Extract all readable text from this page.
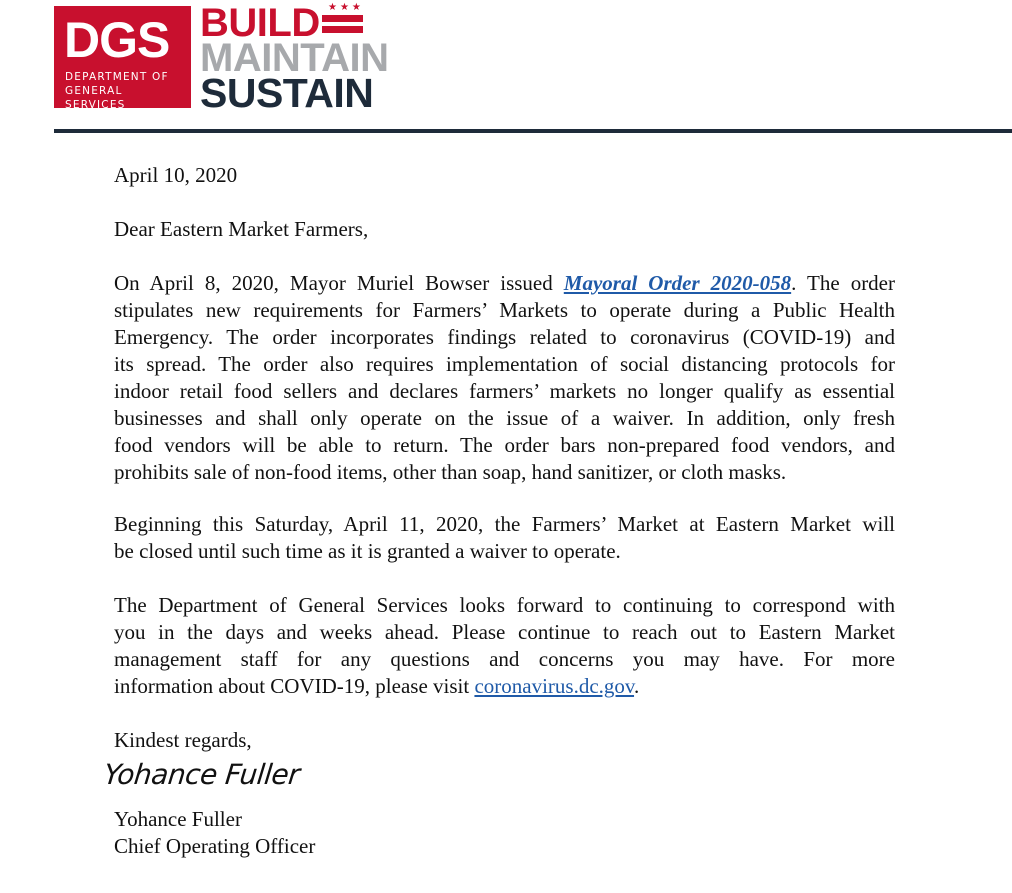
DGS
DEPARTMENT OF
GENERAL SERVICES
BUILD
MAINTAIN
SUSTAIN
★★★
April 10, 2020
Dear Eastern Market Farmers,
On April 8, 2020, Mayor Muriel Bowser issued Mayoral Order 2020-058. The order
stipulates new requirements for Farmers’ Markets to operate during a Public Health
Emergency. The order incorporates findings related to coronavirus (COVID-19) and
its spread. The order also requires implementation of social distancing protocols for
indoor retail food sellers and declares farmers’ markets no longer qualify as essential
businesses and shall only operate on the issue of a waiver. In addition, only fresh
food vendors will be able to return. The order bars non-prepared food vendors, and
prohibits sale of non-food items, other than soap, hand sanitizer, or cloth masks.
Beginning this Saturday, April 11, 2020, the Farmers’ Market at Eastern Market will
be closed until such time as it is granted a waiver to operate.
The Department of General Services looks forward to continuing to correspond with
you in the days and weeks ahead. Please continue to reach out to Eastern Market
management staff for any questions and concerns you may have. For more
information about COVID-19, please visit coronavirus.dc.gov.
Kindest regards,
Yohance Fuller
Yohance Fuller
Chief Operating Officer
